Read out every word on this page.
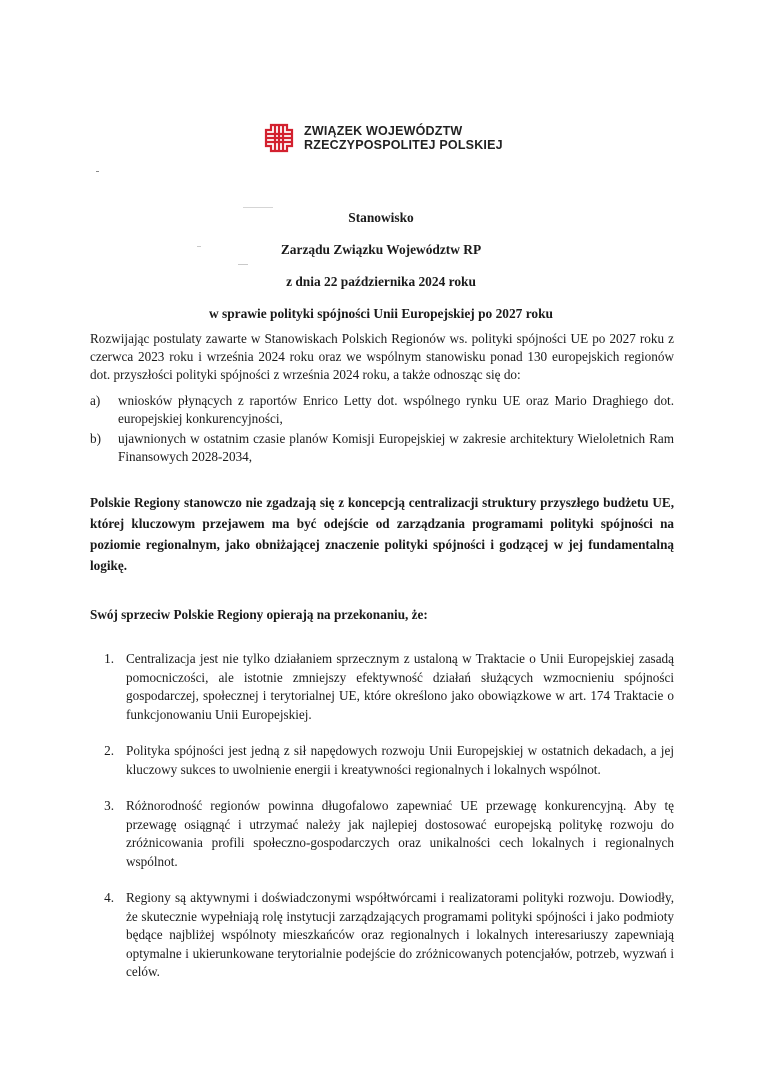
ZWIĄZEK WOJEWÓDZTW
RZECZYPOSPOLITEJ POLSKIEJ
Stanowisko
Zarządu Związku Województw RP
z dnia 22 października 2024 roku
w sprawie polityki spójności Unii Europejskiej po 2027 roku

Rozwijając postulaty zawarte w Stanowiskach Polskich Regionów ws. polityki spójności UE po 2027 roku z czerwca 2023 roku i września 2024 roku oraz we wspólnym stanowisku ponad 130 europejskich regionów dot. przyszłości polityki spójności z września 2024 roku, a także odnosząc się do:

a) wniosków płynących z raportów Enrico Letty dot. wspólnego rynku UE oraz Mario Draghiego dot. europejskiej konkurencyjności,
b) ujawnionych w ostatnim czasie planów Komisji Europejskiej w zakresie architektury Wieloletnich Ram Finansowych 2028-2034,

Polskie Regiony stanowczo nie zgadzają się z koncepcją centralizacji struktury przyszłego budżetu UE, której kluczowym przejawem ma być odejście od zarządzania programami polityki spójności na poziomie regionalnym, jako obniżającej znaczenie polityki spójności i godzącej w jej fundamentalną logikę.

Swój sprzeciw Polskie Regiony opierają na przekonaniu, że:

1. Centralizacja jest nie tylko działaniem sprzecznym z ustaloną w Traktacie o Unii Europejskiej zasadą pomocniczości, ale istotnie zmniejszy efektywność działań służących wzmocnieniu spójności gospodarczej, społecznej i terytorialnej UE, które określono jako obowiązkowe w art. 174 Traktacie o funkcjonowaniu Unii Europejskiej.
2. Polityka spójności jest jedną z sił napędowych rozwoju Unii Europejskiej w ostatnich dekadach, a jej kluczowy sukces to uwolnienie energii i kreatywności regionalnych i lokalnych wspólnot.
3. Różnorodność regionów powinna długofalowo zapewniać UE przewagę konkurencyjną. Aby tę przewagę osiągnąć i utrzymać należy jak najlepiej dostosować europejską politykę rozwoju do zróżnicowania profili społeczno-gospodarczych oraz unikalności cech lokalnych i regionalnych wspólnot.
4. Regiony są aktywnymi i doświadczonymi współtwórcami i realizatorami polityki rozwoju. Dowiodły, że skutecznie wypełniają rolę instytucji zarządzających programami polityki spójności i jako podmioty będące najbliżej wspólnoty mieszkańców oraz regionalnych i lokalnych interesariuszy zapewniają optymalne i ukierunkowane terytorialnie podejście do zróżnicowanych potencjałów, potrzeb, wyzwań i celów.
